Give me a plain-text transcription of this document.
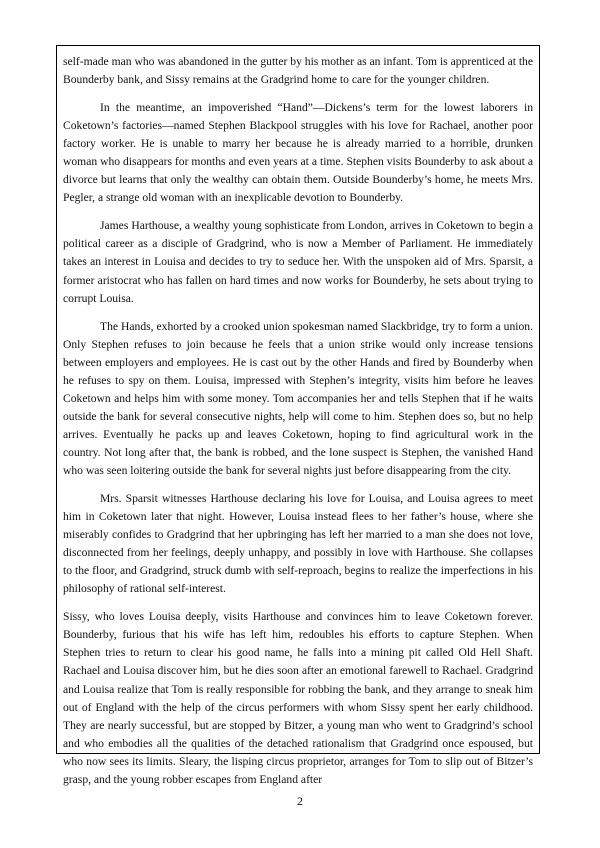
self-made man who was abandoned in the gutter by his mother as an infant. Tom is apprenticed at the Bounderby bank, and Sissy remains at the Gradgrind home to care for the younger children.

In the meantime, an impoverished “Hand”—Dickens’s term for the lowest laborers in Coketown’s factories—named Stephen Blackpool struggles with his love for Rachael, another poor factory worker. He is unable to marry her because he is already married to a horrible, drunken woman who disappears for months and even years at a time. Stephen visits Bounderby to ask about a divorce but learns that only the wealthy can obtain them. Outside Bounderby’s home, he meets Mrs. Pegler, a strange old woman with an inexplicable devotion to Bounderby.

James Harthouse, a wealthy young sophisticate from London, arrives in Coketown to begin a political career as a disciple of Gradgrind, who is now a Member of Parliament. He immediately takes an interest in Louisa and decides to try to seduce her. With the unspoken aid of Mrs. Sparsit, a former aristocrat who has fallen on hard times and now works for Bounderby, he sets about trying to corrupt Louisa.

The Hands, exhorted by a crooked union spokesman named Slackbridge, try to form a union. Only Stephen refuses to join because he feels that a union strike would only increase tensions between employers and employees. He is cast out by the other Hands and fired by Bounderby when he refuses to spy on them. Louisa, impressed with Stephen’s integrity, visits him before he leaves Coketown and helps him with some money. Tom accompanies her and tells Stephen that if he waits outside the bank for several consecutive nights, help will come to him. Stephen does so, but no help arrives. Eventually he packs up and leaves Coketown, hoping to find agricultural work in the country. Not long after that, the bank is robbed, and the lone suspect is Stephen, the vanished Hand who was seen loitering outside the bank for several nights just before disappearing from the city.

Mrs. Sparsit witnesses Harthouse declaring his love for Louisa, and Louisa agrees to meet him in Coketown later that night. However, Louisa instead flees to her father’s house, where she miserably confides to Gradgrind that her upbringing has left her married to a man she does not love, disconnected from her feelings, deeply unhappy, and possibly in love with Harthouse. She collapses to the floor, and Gradgrind, struck dumb with self-reproach, begins to realize the imperfections in his philosophy of rational self-interest.

Sissy, who loves Louisa deeply, visits Harthouse and convinces him to leave Coketown forever. Bounderby, furious that his wife has left him, redoubles his efforts to capture Stephen. When Stephen tries to return to clear his good name, he falls into a mining pit called Old Hell Shaft. Rachael and Louisa discover him, but he dies soon after an emotional farewell to Rachael. Gradgrind and Louisa realize that Tom is really responsible for robbing the bank, and they arrange to sneak him out of England with the help of the circus performers with whom Sissy spent her early childhood. They are nearly successful, but are stopped by Bitzer, a young man who went to Gradgrind’s school and who embodies all the qualities of the detached rationalism that Gradgrind once espoused, but who now sees its limits. Sleary, the lisping circus proprietor, arranges for Tom to slip out of Bitzer’s grasp, and the young robber escapes from England after

2
